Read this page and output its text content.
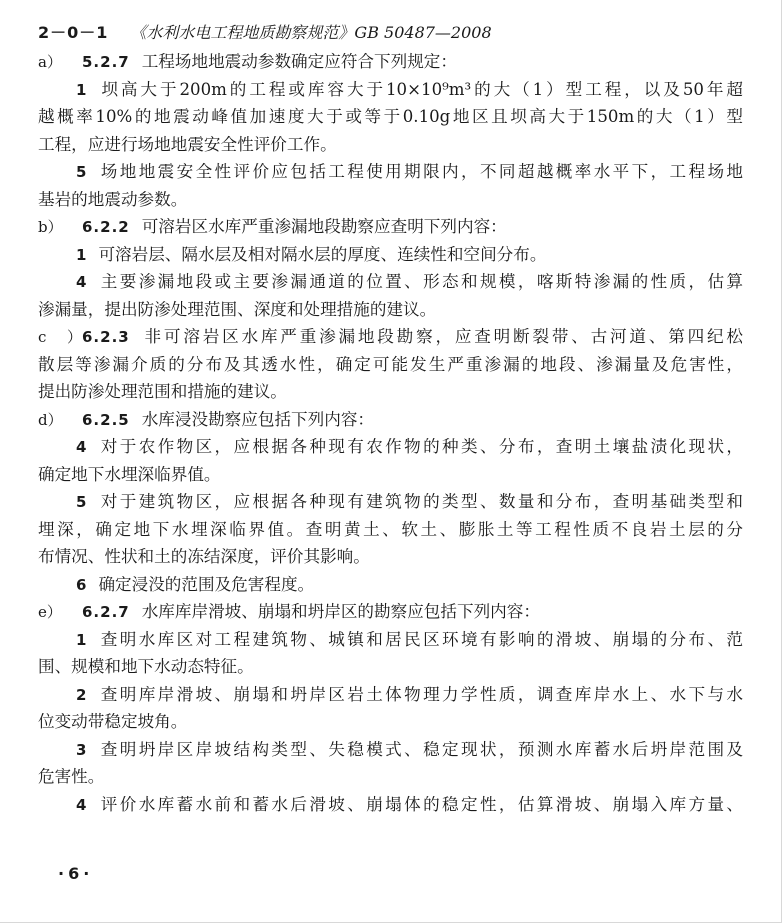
2－0－1 《水利水电工程地质勘察规范》GB 50487—2008
a） 5.2.7 工程场地地震动参数确定应符合下列规定：
1 坝高大于200m的工程或库容大于10×10⁹m³的大（1）型工程，以及50年超
越概率10%的地震动峰值加速度大于或等于0.10g地区且坝高大于150m的大（1）型
工程，应进行场地地震安全性评价工作。
5 场地地震安全性评价应包括工程使用期限内，不同超越概率水平下，工程场地
基岩的地震动参数。
b） 6.2.2 可溶岩区水库严重渗漏地段勘察应查明下列内容：
1 可溶岩层、隔水层及相对隔水层的厚度、连续性和空间分布。
4 主要渗漏地段或主要渗漏通道的位置、形态和规模，喀斯特渗漏的性质，估算
渗漏量，提出防渗处理范围、深度和处理措施的建议。
c）6.2.3 非可溶岩区水库严重渗漏地段勘察，应查明断裂带、古河道、第四纪松
散层等渗漏介质的分布及其透水性，确定可能发生严重渗漏的地段、渗漏量及危害性，
提出防渗处理范围和措施的建议。
d） 6.2.5 水库浸没勘察应包括下列内容：
4 对于农作物区，应根据各种现有农作物的种类、分布，查明土壤盐渍化现状，
确定地下水埋深临界值。
5 对于建筑物区，应根据各种现有建筑物的类型、数量和分布，查明基础类型和
埋深，确定地下水埋深临界值。查明黄土、软土、膨胀土等工程性质不良岩土层的分
布情况、性状和土的冻结深度，评价其影响。
6 确定浸没的范围及危害程度。
e） 6.2.7 水库库岸滑坡、崩塌和坍岸区的勘察应包括下列内容：
1 查明水库区对工程建筑物、城镇和居民区环境有影响的滑坡、崩塌的分布、范
围、规模和地下水动态特征。
2 查明库岸滑坡、崩塌和坍岸区岩土体物理力学性质，调查库岸水上、水下与水
位变动带稳定坡角。
3 查明坍岸区岸坡结构类型、失稳模式、稳定现状，预测水库蓄水后坍岸范围及
危害性。
4 评价水库蓄水前和蓄水后滑坡、崩塌体的稳定性，估算滑坡、崩塌入库方量、
·6·
